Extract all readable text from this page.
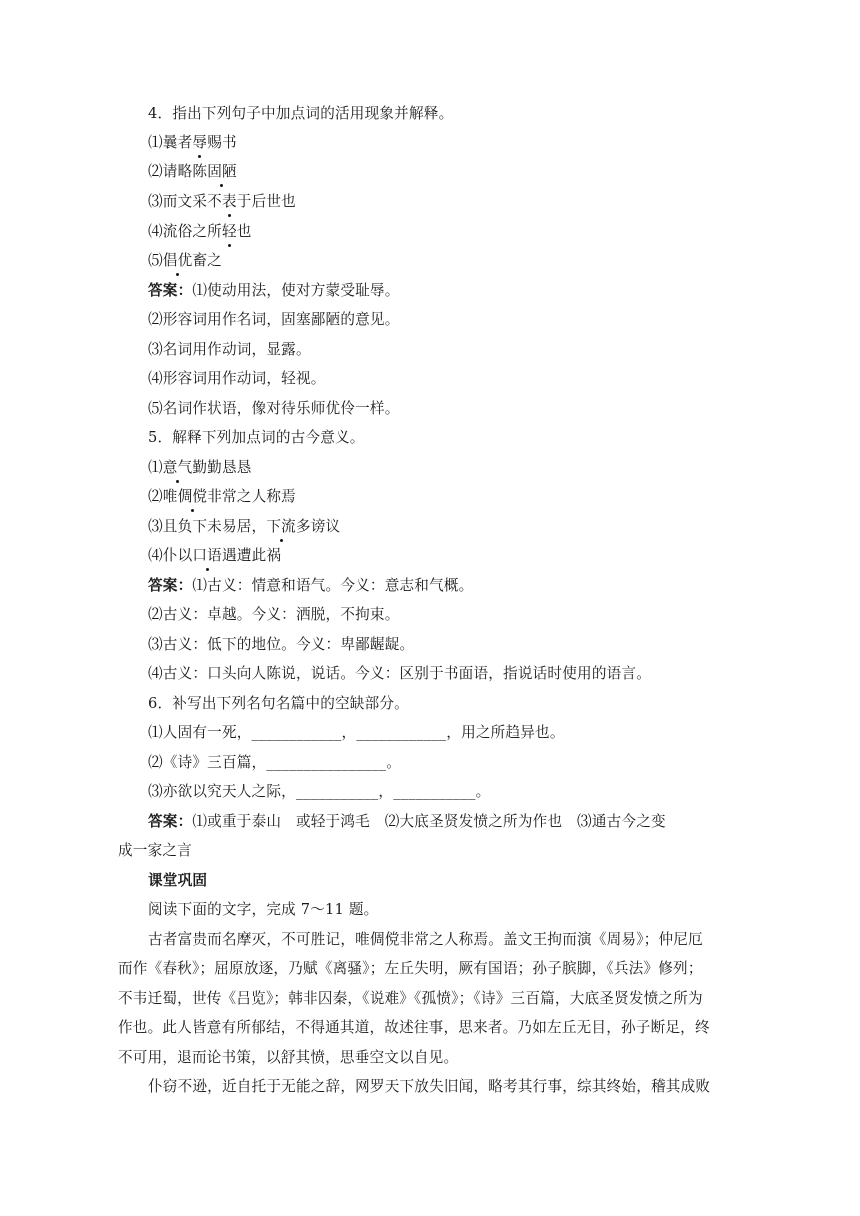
4．指出下列句子中加点词的活用现象并解释。
⑴曩者辱赐书
⑵请略陈固陋
⑶而文采不表于后世也
⑷流俗之所轻也
⑸倡优畜之
答案：⑴使动用法，使对方蒙受耻辱。
⑵形容词用作名词，固塞鄙陋的意见。
⑶名词用作动词，显露。
⑷形容词用作动词，轻视。
⑸名词作状语，像对待乐师优伶一样。
5．解释下列加点词的古今意义。
⑴意气勤勤恳恳
⑵唯倜傥非常之人称焉
⑶且负下未易居，下流多谤议
⑷仆以口语遇遭此祸
答案：⑴古义：情意和语气。今义：意志和气概。
⑵古义：卓越。今义：洒脱，不拘束。
⑶古义：低下的地位。今义：卑鄙龌龊。
⑷古义：口头向人陈说，说话。今义：区别于书面语，指说话时使用的语言。
6．补写出下列名句名篇中的空缺部分。
⑴人固有一死，____________，____________，用之所趋异也。
⑵《诗》三百篇，________________。
⑶亦欲以究天人之际，___________，___________。
答案：⑴或重于泰山　或轻于鸿毛　⑵大底圣贤发愤之所为作也　⑶通古今之变
成一家之言
课堂巩固
阅读下面的文字，完成 7～11 题。
古者富贵而名摩灭，不可胜记，唯倜傥非常之人称焉。盖文王拘而演《周易》；仲尼厄
而作《春秋》；屈原放逐，乃赋《离骚》；左丘失明，厥有国语；孙子膑脚，《兵法》修列；
不韦迁蜀，世传《吕览》；韩非囚秦，《说难》《孤愤》；《诗》三百篇，大底圣贤发愤之所为
作也。此人皆意有所郁结，不得通其道，故述往事，思来者。乃如左丘无目，孙子断足，终
不可用，退而论书策，以舒其愤，思垂空文以自见。
仆窃不逊，近自托于无能之辞，网罗天下放失旧闻，略考其行事，综其终始，稽其成败
